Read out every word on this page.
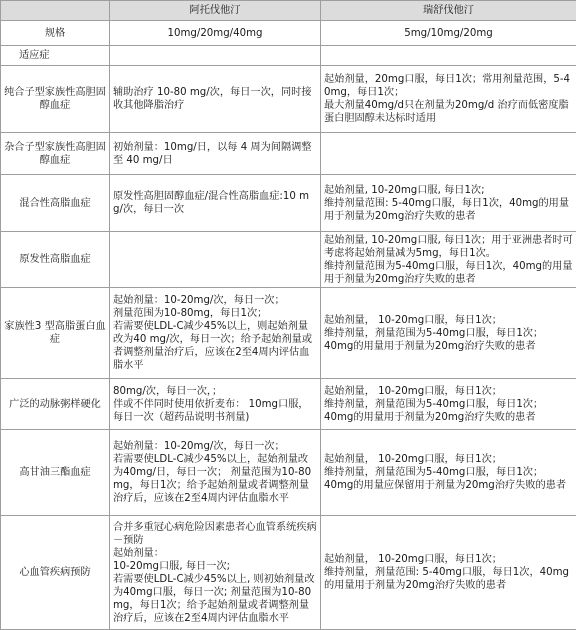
	阿托伐他汀	瑞舒伐他汀
规格	10mg/20mg/40mg	5mg/10mg/20mg
适应症		
纯合子型家族性高胆固醇血症	辅助治疗 10-80 mg/次，每日一次，同时接收其他降脂治疗	起始剂量，20mg口服，每日1次；常用剂量范围，5-40mg，每日1次；
最大剂量40mg/d只在剂量为20mg/d 治疗而低密度脂蛋白胆固醇未达标时适用

杂合子型家族性高胆固醇血症	初始剂量：10mg/日，以每 4 周为间隔调整至 40 mg/日	

混合性高脂血症	原发性高胆固醇血症/混合性高脂血症:10 mg/次，每日一次	起始剂量, 10-20mg口服, 每日1次;
维持剂量范围: 5-40mg口服，每日1次，40mg的用量用于剂量为20mg治疗失败的患者

原发性高脂血症		起始剂量, 10-20mg口服, 每日1次；用于亚洲患者时可考虑将起始剂量减为5mg，每日1次。
维持剂量范围为5-40mg口服，每日1次，40mg的用量用于剂量为20mg治疗失败的患者

家族性3 型高脂蛋白血症	起始剂量：10-20mg/次，每日一次；
剂量范围为10-80mg，每日1次；
若需要使LDL-C减少45%以上，则起始剂量改为40 mg/次，每日一次；给予起始剂量或者调整剂量治疗后，应该在2至4周内评估血脂水平	起始剂量， 10-20mg口服，每日1次；
维持剂量，剂量范围为5-40mg口服，每日1次；
40mg的用量用于剂量为20mg治疗失败的患者

广泛的动脉粥样硬化	80mg/次，每日一次，；
伴或不伴同时使用依折麦布： 10mg口服，每日一次（超药品说明书剂量)	起始剂量， 10-20mg口服，每日1次；
维持剂量，剂量范围为5-40mg口服，每日1次；
40mg的用量用于剂量为20mg治疗失败的患者

高甘油三酯血症	起始剂量：10-20mg/次，每日一次；
若需要使LDL-C减少45%以上，起始剂量改为40mg/日，每日一次； 剂量范围为10-80mg，每日1次；给予起始剂量或者调整剂量治疗后，应该在2至4周内评估血脂水平	起始剂量， 10-20mg口服，每日1次；
维持剂量，剂量范围为5-40mg口服，每日1次；
40mg的用量应保留用于剂量为20mg治疗失败的患者

心血管疾病预防	合并多重冠心病危险因素患者心血管系统疾病－预防
起始剂量：
10-20mg口服, 每日一次;
若需要使LDL-C减少45%以上, 则初始剂量改为40mg口服，每日一次; 剂量范围为10-80mg，每日1次；给予起始剂量或者调整剂量治疗后，应该在2至4周内评估血脂水平	起始剂量， 10-20mg口服，每日1次；
维持剂量，剂量范围: 5-40mg口服，每日1次，40mg的用量用于剂量为20mg治疗失败的患者
